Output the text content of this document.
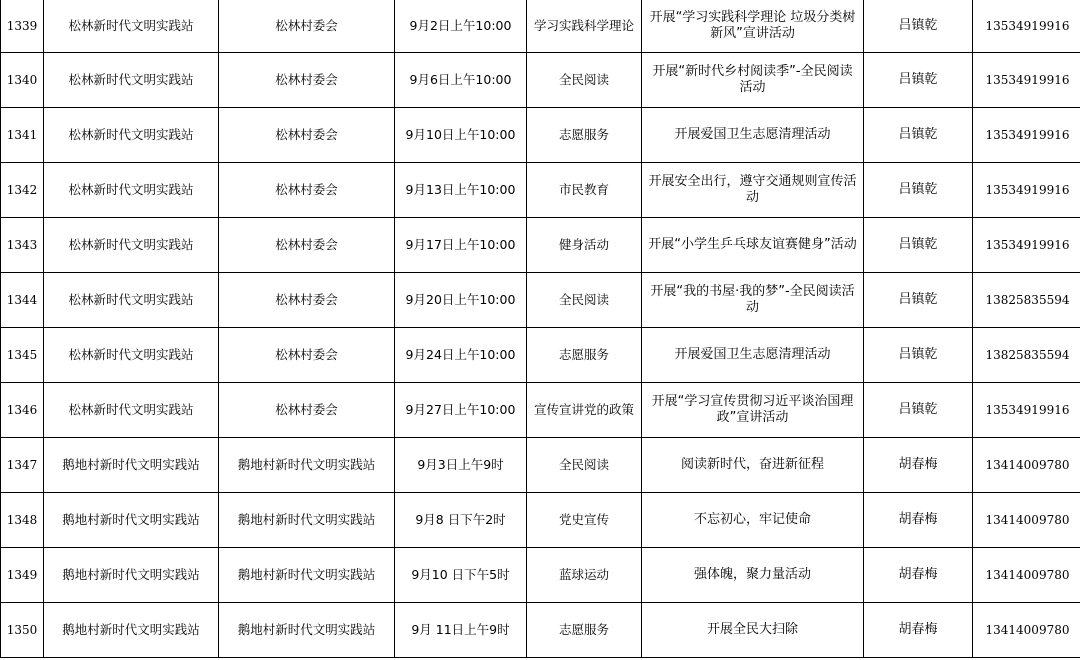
1339	松林新时代文明实践站	松林村委会	9月2日上午10:00	学习实践科学理论	开展“学习实践科学理论 垃圾分类树新风”宣讲活动	吕镇乾	13534919916
1340	松林新时代文明实践站	松林村委会	9月6日上午10:00	全民阅读	开展“新时代乡村阅读季”-全民阅读活动	吕镇乾	13534919916
1341	松林新时代文明实践站	松林村委会	9月10日上午10:00	志愿服务	开展爱国卫生志愿清理活动	吕镇乾	13534919916
1342	松林新时代文明实践站	松林村委会	9月13日上午10:00	市民教育	开展安全出行，遵守交通规则宣传活动	吕镇乾	13534919916
1343	松林新时代文明实践站	松林村委会	9月17日上午10:00	健身活动	开展“小学生乒乓球友谊赛健身”活动	吕镇乾	13534919916
1344	松林新时代文明实践站	松林村委会	9月20日上午10:00	全民阅读	开展“我的书屋·我的梦”-全民阅读活动	吕镇乾	13825835594
1345	松林新时代文明实践站	松林村委会	9月24日上午10:00	志愿服务	开展爱国卫生志愿清理活动	吕镇乾	13825835594
1346	松林新时代文明实践站	松林村委会	9月27日上午10:00	宣传宣讲党的政策	开展“学习宣传贯彻习近平谈治国理政”宣讲活动	吕镇乾	13534919916
1347	鹅地村新时代文明实践站	鹅地村新时代文明实践站	9月3日上午9时	全民阅读	阅读新时代，奋进新征程	胡春梅	13414009780
1348	鹅地村新时代文明实践站	鹅地村新时代文明实践站	9月8 日下午2时	党史宣传	不忘初心，牢记使命	胡春梅	13414009780
1349	鹅地村新时代文明实践站	鹅地村新时代文明实践站	9月10 日下午5时	蓝球运动	强体魄，聚力量活动	胡春梅	13414009780
1350	鹅地村新时代文明实践站	鹅地村新时代文明实践站	9月 11日上午9时	志愿服务	开展全民大扫除	胡春梅	13414009780
